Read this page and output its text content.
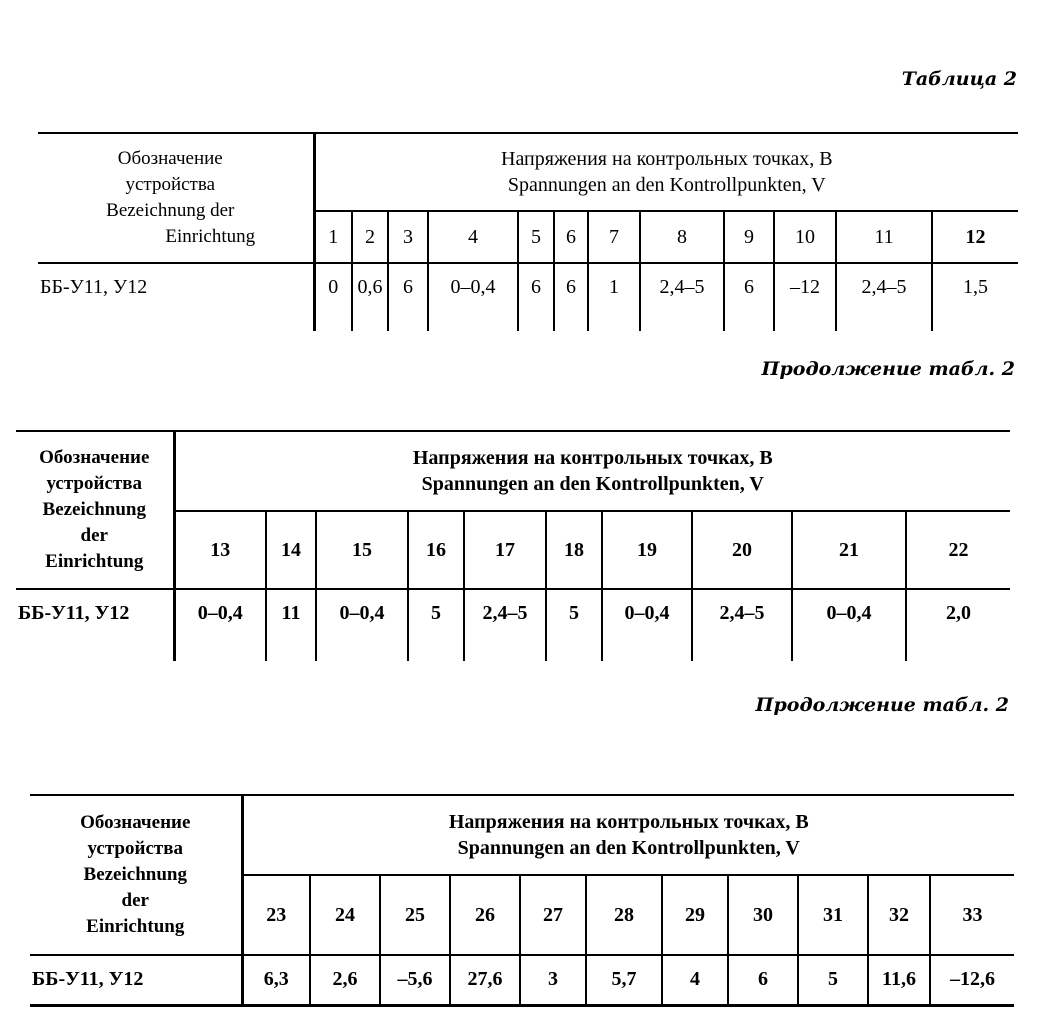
Таблица 2
Обозначение
устройства
Bezeichnung der
Einrichtung	Напряжения на контрольных точках, В
Spannungen an den Kontrollpunkten, V											

	1	2	3	4	5	6	7	8	9	10	11	12
ББ-У11, У12	0	0,6	6	0–0,4	6	6	1	2,4–5	6	–12	2,4–5	1,5
Продолжение табл. 2
Обозначение
устройства
Bezeichnung
der
Einrichtung	Напряжения на контрольных точках, В
Spannungen an den Kontrollpunkten, V									

	13	14	15	16	17	18	19	20	21	22
ББ-У11, У12	0–0,4	11	0–0,4	5	2,4–5	5	0–0,4	2,4–5	0–0,4	2,0
Продолжение табл. 2
Обозначение
устройства
Bezeichnung
der
Einrichtung	Напряжения на контрольных точках, В
Spannungen an den Kontrollpunkten, V										

	23	24	25	26	27	28	29	30	31	32	33
ББ-У11, У12	6,3	2,6	–5,6	27,6	3	5,7	4	6	5	11,6	–12,6
